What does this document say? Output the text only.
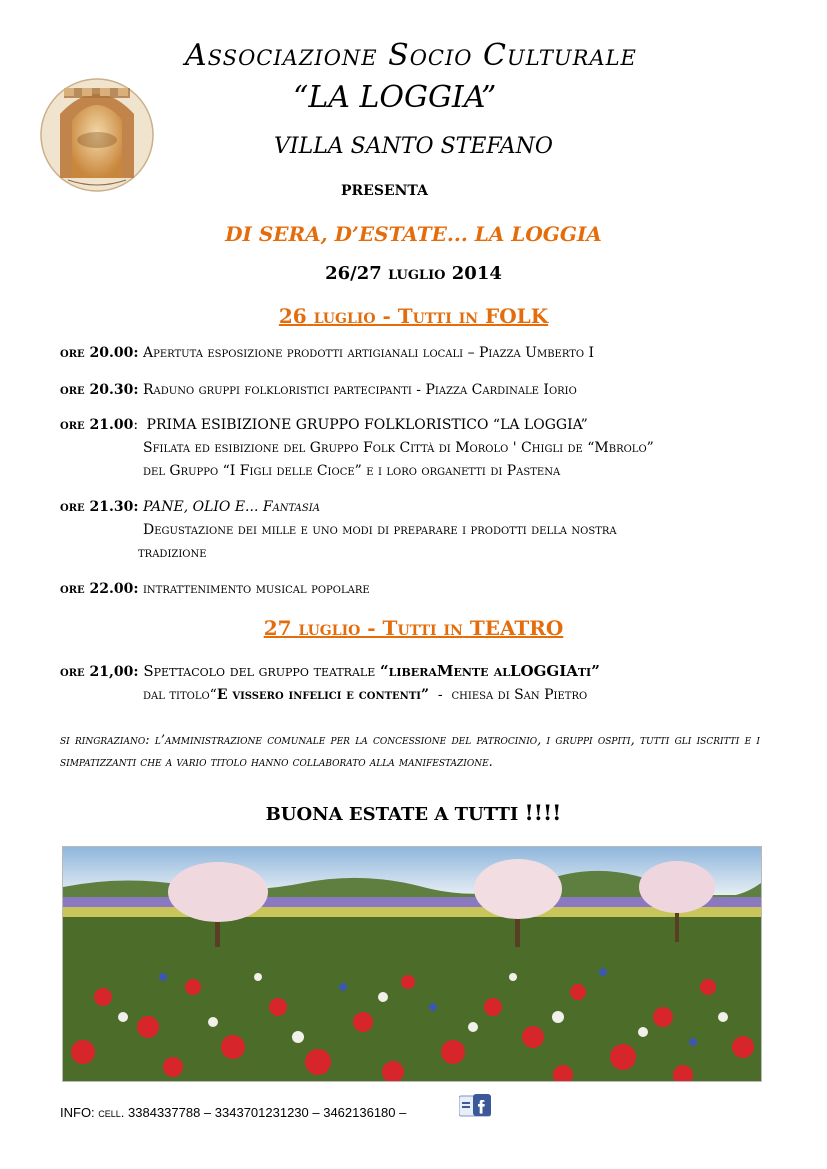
Associazione Socio Culturale
“LA LOGGIA”
VILLA SANTO STEFANO
PRESENTA
DI SERA, D’ESTATE... LA LOGGIA
26/27 luglio 2014
26 luglio - Tutti in FOLK
ore 20.00: Apertuta esposizione prodotti artigianali locali – Piazza Umberto I
ore 20.30: Raduno gruppi folkloristici partecipanti - Piazza Cardinale Iorio
ore 21.00: PRIMA ESIBIZIONE GRUPPO FOLKLORISTICO “LA LOGGIA”
Sfilata ed esibizione del Gruppo Folk Città di Morolo ' Chigli de “Mbrolo”
del Gruppo “I Figli delle Cioce” e i loro organetti di Pastena
ore 21.30: PANE, OLIO E... Fantasia
Degustazione dei mille e uno modi di preparare i prodotti della nostra
tradizione
ore 22.00: intrattenimento musical popolare
27 luglio - Tutti in TEATRO
ore 21,00: Spettacolo del gruppo teatrale “liberaMente alLOGGIAti”
dal titolo“E vissero infelici e contenti”  -  chiesa di San Pietro
si ringraziano: l’amministrazione comunale per la concessione del patrocinio, i gruppi ospiti, tutti gli iscritti e i simpatizzanti che a vario titolo hanno collaborato alla manifestazione.
BUONA ESTATE A TUTTI !!!!
INFO: cell. 3384337788 – 3343701231230 – 3462136180 –
